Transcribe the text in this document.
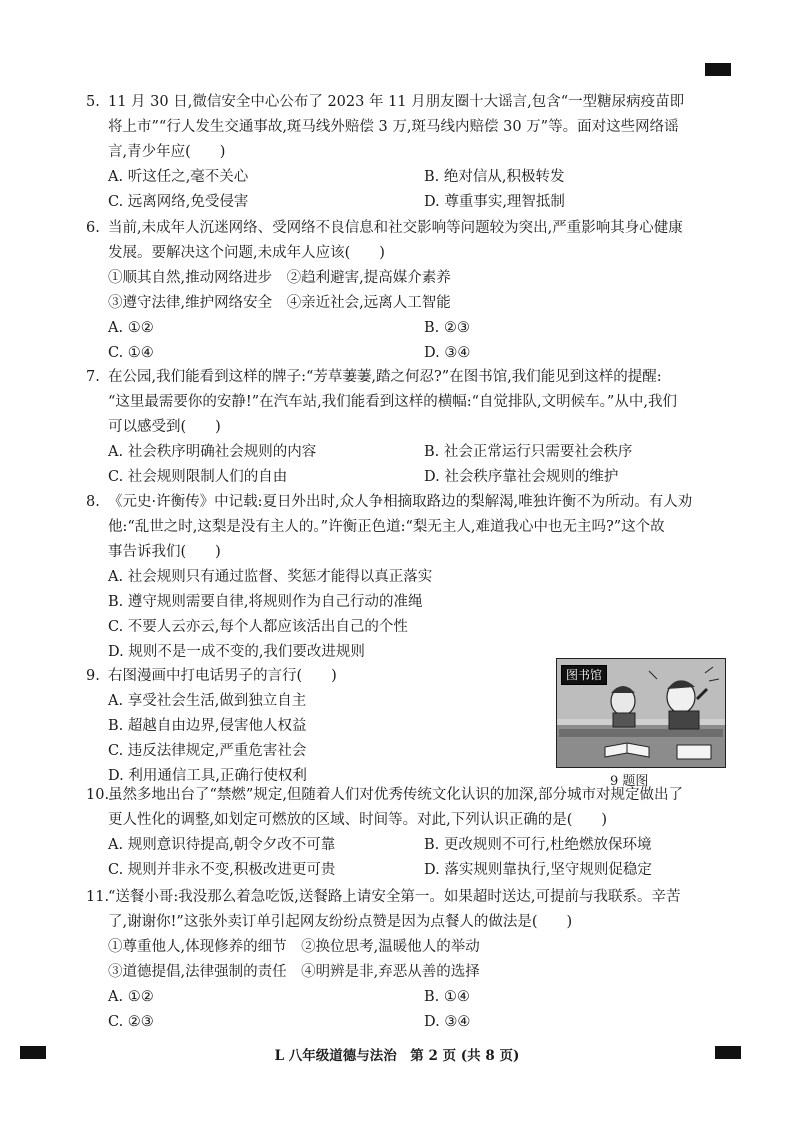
5. 11 月 30 日,微信安全中心公布了 2023 年 11 月朋友圈十大谣言,包含“一型糖尿病疫苗即
将上市”“行人发生交通事故,斑马线外赔偿 3 万,斑马线内赔偿 30 万”等。面对这些网络谣
言,青少年应(　　)
A. 听这任之,毫不关心	B. 绝对信从,积极转发
C. 远离网络,免受侵害	D. 尊重事实,理智抵制
6. 当前,未成年人沉迷网络、受网络不良信息和社交影响等问题较为突出,严重影响其身心健康
发展。要解决这个问题,未成年人应该(　　)
①顺其自然,推动网络进步　②趋利避害,提高媒介素养
③遵守法律,维护网络安全　④亲近社会,远离人工智能
A. ①②	B. ②③
C. ①④	D. ③④
7. 在公园,我们能看到这样的牌子:“芳草萋萋,踏之何忍?”在图书馆,我们能见到这样的提醒:
“这里最需要你的安静!”在汽车站,我们能看到这样的横幅:“自觉排队,文明候车。”从中,我们
可以感受到(　　)
A. 社会秩序明确社会规则的内容	B. 社会正常运行只需要社会秩序
C. 社会规则限制人们的自由	D. 社会秩序靠社会规则的维护
8. 《元史·许衡传》中记载:夏日外出时,众人争相摘取路边的梨解渴,唯独许衡不为所动。有人劝
他:“乱世之时,这梨是没有主人的。”许衡正色道:“梨无主人,难道我心中也无主吗?”这个故
事告诉我们(　　)
A. 社会规则只有通过监督、奖惩才能得以真正落实
B. 遵守规则需要自律,将规则作为自己行动的准绳
C. 不要人云亦云,每个人都应该活出自己的个性
D. 规则不是一成不变的,我们要改进规则
9. 右图漫画中打电话男子的言行(　　)
A. 享受社会生活,做到独立自主
B. 超越自由边界,侵害他人权益
C. 违反法律规定,严重危害社会
D. 利用通信工具,正确行使权利
图书馆
9 题图
10.虽然多地出台了“禁燃”规定,但随着人们对优秀传统文化认识的加深,部分城市对规定做出了
更人性化的调整,如划定可燃放的区域、时间等。对此,下列认识正确的是(　　)
A. 规则意识待提高,朝令夕改不可靠	B. 更改规则不可行,杜绝燃放保环境
C. 规则并非永不变,积极改进更可贵	D. 落实规则靠执行,坚守规则促稳定
11.“送餐小哥:我没那么着急吃饭,送餐路上请安全第一。如果超时送达,可提前与我联系。辛苦
了,谢谢你!”这张外卖订单引起网友纷纷点赞是因为点餐人的做法是(　　)
①尊重他人,体现修养的细节　②换位思考,温暖他人的举动
③道德提倡,法律强制的责任　④明辨是非,弃恶从善的选择
A. ①②	B. ①④
C. ②③	D. ③④
L 八年级道德与法治　第 2 页 (共 8 页)
